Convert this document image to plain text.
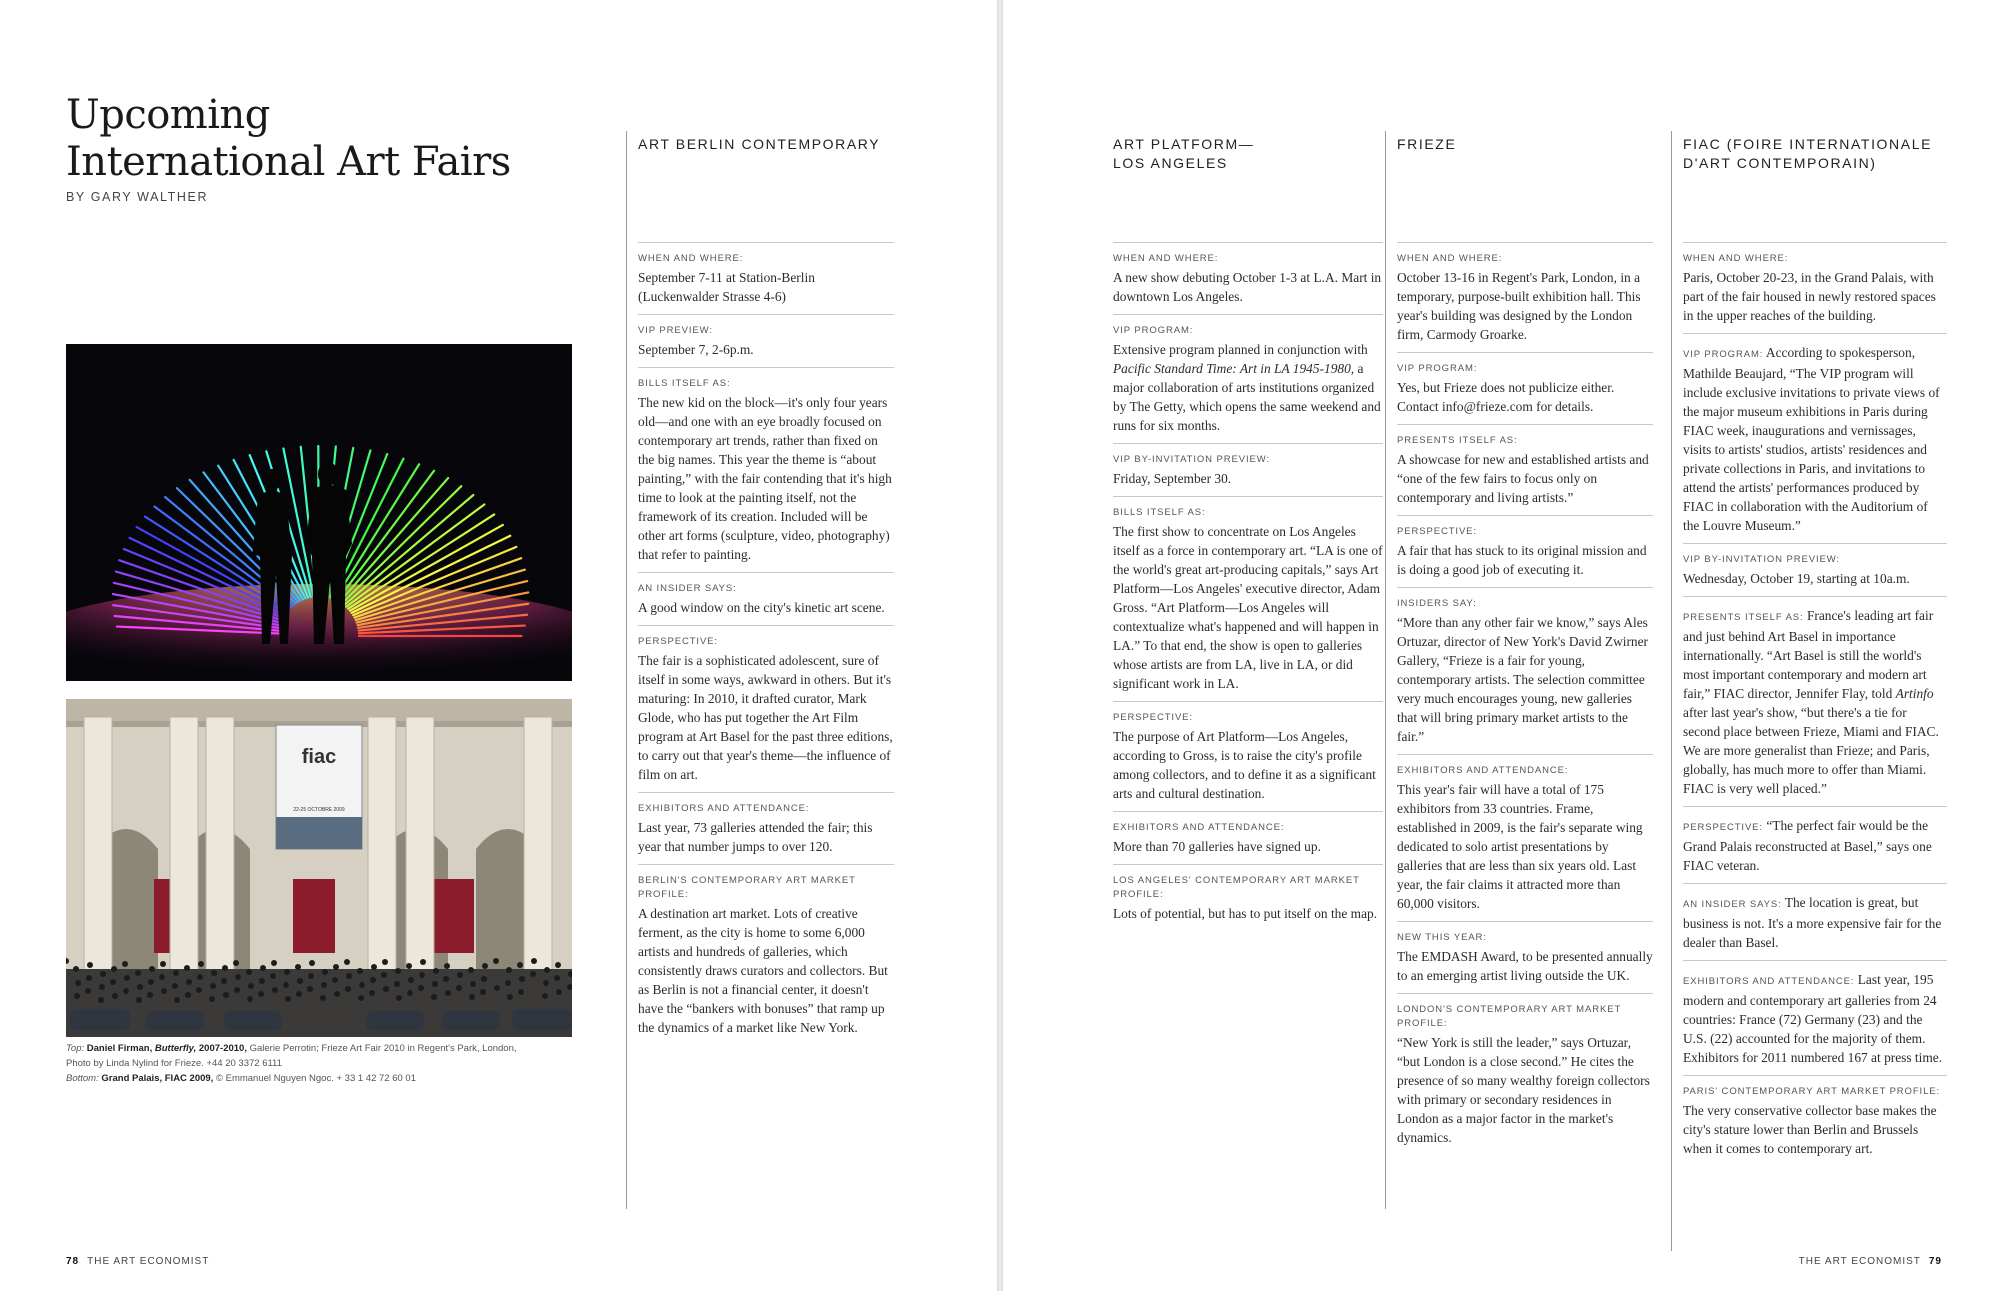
Upcoming
International Art Fairs
BY GARY WALTHER
fiac
22-25 OCTOBRE 2009
Top: Daniel Firman, Butterfly, 2007-2010, Galerie Perrotin; Frieze Art Fair 2010 in Regent's Park, London,
Photo by Linda Nylind for Frieze. +44 20 3372 6111
Bottom: Grand Palais, FIAC 2009, © Emmanuel Nguyen Ngoc. + 33 1 42 72 60 01
ART BERLIN CONTEMPORARY
WHEN AND WHERE:
September 7-11 at Station-Berlin (Luckenwalder Strasse 4-6)
VIP PREVIEW:
September 7, 2-6p.m.
BILLS ITSELF AS:
The new kid on the block—it's only four years old—and one with an eye broadly focused on contemporary art trends, rather than fixed on the big names. This year the theme is “about painting,” with the fair contending that it's high time to look at the painting itself, not the framework of its creation. Included will be other art forms (sculpture, video, photography) that refer to painting.
AN INSIDER SAYS:
A good window on the city's kinetic art scene.
PERSPECTIVE:
The fair is a sophisticated adolescent, sure of itself in some ways, awkward in others. But it's maturing: In 2010, it drafted curator, Mark Glode, who has put together the Art Film program at Art Basel for the past three editions, to carry out that year's theme—the influence of film on art.
EXHIBITORS AND ATTENDANCE:
Last year, 73 galleries attended the fair; this year that number jumps to over 120.
BERLIN'S CONTEMPORARY ART MARKET PROFILE:
A destination art market. Lots of creative ferment, as the city is home to some 6,000 artists and hundreds of galleries, which consistently draws curators and collectors. But as Berlin is not a financial center, it doesn't have the “bankers with bonuses” that ramp up the dynamics of a market like New York.
78 THE ART ECONOMIST
ART PLATFORM—
LOS ANGELES
WHEN AND WHERE:
A new show debuting October 1-3 at L.A. Mart in downtown Los Angeles.
VIP PROGRAM:
Extensive program planned in conjunction with Pacific Standard Time: Art in LA 1945-1980, a major collaboration of arts institutions organized by The Getty, which opens the same weekend and runs for six months.
VIP BY-INVITATION PREVIEW:
Friday, September 30.
BILLS ITSELF AS:
The first show to concentrate on Los Angeles itself as a force in contemporary art. “LA is one of the world's great art-producing capitals,” says Art Platform—Los Angeles' executive director, Adam Gross. “Art Platform—Los Angeles will contextualize what's happened and will happen in LA.” To that end, the show is open to galleries whose artists are from LA, live in LA, or did significant work in LA.
PERSPECTIVE:
The purpose of Art Platform—Los Angeles, according to Gross, is to raise the city's profile among collectors, and to define it as a significant arts and cultural destination.
EXHIBITORS AND ATTENDANCE:
More than 70 galleries have signed up.
LOS ANGELES' CONTEMPORARY ART MARKET PROFILE:
Lots of potential, but has to put itself on the map.
FRIEZE
WHEN AND WHERE:
October 13-16 in Regent's Park, London, in a temporary, purpose-built exhibition hall. This year's building was designed by the London firm, Carmody Groarke.
VIP PROGRAM:
Yes, but Frieze does not publicize either. Contact info@frieze.com for details.
PRESENTS ITSELF AS:
A showcase for new and established artists and “one of the few fairs to focus only on contemporary and living artists.”
PERSPECTIVE:
A fair that has stuck to its original mission and is doing a good job of executing it.
INSIDERS SAY:
“More than any other fair we know,” says Ales Ortuzar, director of New York's David Zwirner Gallery, “Frieze is a fair for young, contemporary artists. The selection committee very much encourages young, new galleries that will bring primary market artists to the fair.”
EXHIBITORS AND ATTENDANCE:
This year's fair will have a total of 175 exhibitors from 33 countries. Frame, established in 2009, is the fair's separate wing dedicated to solo artist presentations by galleries that are less than six years old. Last year, the fair claims it attracted more than 60,000 visitors.
NEW THIS YEAR:
The EMDASH Award, to be presented annually to an emerging artist living outside the UK.
LONDON'S CONTEMPORARY ART MARKET PROFILE:
“New York is still the leader,” says Ortuzar, “but London is a close second.” He cites the presence of so many wealthy foreign collectors with primary or secondary residences in London as a major factor in the market's dynamics.
FIAC (FOIRE INTERNATIONALE
D'ART CONTEMPORAIN)
WHEN AND WHERE:
Paris, October 20-23, in the Grand Palais, with part of the fair housed in newly restored spaces in the upper reaches of the building.
VIP PROGRAM: According to spokesperson, Mathilde Beaujard, “The VIP program will include exclusive invitations to private views of the major museum exhibitions in Paris during FIAC week, inaugurations and vernissages, visits to artists' studios, artists' residences and private collections in Paris, and invitations to attend the artists' performances produced by FIAC in collaboration with the Auditorium of the Louvre Museum.”
VIP BY-INVITATION PREVIEW:
Wednesday, October 19, starting at 10a.m.
PRESENTS ITSELF AS: France's leading art fair and just behind Art Basel in importance internationally. “Art Basel is still the world's most important contemporary and modern art fair,” FIAC director, Jennifer Flay, told Artinfo after last year's show, “but there's a tie for second place between Frieze, Miami and FIAC. We are more generalist than Frieze; and Paris, globally, has much more to offer than Miami. FIAC is very well placed.”
PERSPECTIVE: “The perfect fair would be the Grand Palais reconstructed at Basel,” says one FIAC veteran.
AN INSIDER SAYS: The location is great, but business is not. It's a more expensive fair for the dealer than Basel.
EXHIBITORS AND ATTENDANCE: Last year, 195 modern and contemporary art galleries from 24 countries: France (72) Germany (23) and the U.S. (22) accounted for the majority of them. Exhibitors for 2011 numbered 167 at press time.
PARIS' CONTEMPORARY ART MARKET PROFILE:
The very conservative collector base makes the city's stature lower than Berlin and Brussels when it comes to contemporary art.
THE ART ECONOMIST 79
